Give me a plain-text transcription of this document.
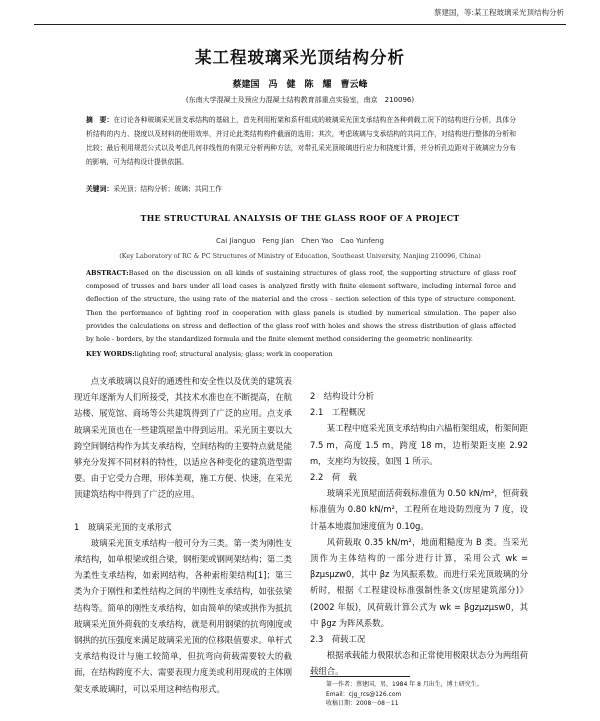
蔡建国，等:某工程玻璃采光顶结构分析
某工程玻璃采光顶结构分析
蔡建国　冯　健　陈　耀　曹云峰
(东南大学混凝土及预应力混凝土结构教育部重点实验室，南京　210096)
摘　要：在讨论各种玻璃采光顶支承结构的基础上，首先利用桁架和系杆组成的玻璃采光顶支承结构在各种荷载工况下的结构进行分析，具体分析结构的内力、挠度以及材料的使用效率，并讨论此类结构构件截面的选用；其次，考虑玻璃与支承结构的共同工作，对结构进行整体的分析和比较；最后利用规范公式以及考虑几何非线性的有限元分析两种方法，对带孔采光顶玻璃进行应力和挠度计算，并分析孔边距对于玻璃应力分布的影响，可为结构设计提供依据。
关键词：采光顶；结构分析；玻璃；共同工作
THE STRUCTURAL ANALYSIS OF THE GLASS ROOF OF A PROJECT
Cai Jianguo　Feng Jian　Chen Yao　Cao Yunfeng
(Key Laboratory of RC & PC Structures of Ministry of Education, Southeast University, Nanjing 210096, China)
ABSTRACT:Based on the discussion on all kinds of sustaining structures of glass roof, the supporting structure of glass roof composed of trusses and bars under all load cases is analyzed firstly with finite element software, including internal force and deflection of the structure, the using rate of the material and the cross - section selection of this type of structure component. Then the performance of lighting roof in cooperation with glass panels is studied by numerical simulation. The paper also provides the calculations on stress and deflection of the glass roof with holes and shows the stress distribution of glass affected by hole - borders, by the standardized formula and the finite element method considering the geometric nonlinearity.
KEY WORDS:lighting roof; structural analysis; glass; work in cooperation

点支承玻璃以良好的通透性和安全性以及优美的建筑表现近年逐渐为人们所接受，其技术水准也在不断提高，在航站楼、展览馆、商场等公共建筑得到了广泛的应用。点支承玻璃采光顶也在一些建筑屋盖中得到运用。采光顶主要以大跨空间钢结构作为其支承结构，空间结构的主要特点就是能够充分发挥不同材料的特性，以适应各种变化的建筑造型需要。由于它受力合理，形体美观，施工方便、快速，在采光顶建筑结构中得到了广泛的应用。

1　玻璃采光顶的支承形式

玻璃采光顶支承结构一般可分为三类。第一类为刚性支承结构，如单根梁或组合梁，钢桁架或钢网架结构；第二类为柔性支承结构，如索网结构，各种索桁架结构[1]；第三类为介于刚性和柔性结构之间的半刚性支承结构，如张弦梁结构等。简单的刚性支承结构，如由简单的梁或拱作为抵抗玻璃采光顶外荷载的支承结构，就是利用钢梁的抗弯刚度或钢拱的抗压强度来满足玻璃采光顶的位移限值要求。单杆式支承结构设计与施工较简单，但抗弯向荷载需要较大的截面，在结构跨度不大、需要表现力度美或利用现成的主体刚架支承玻璃时，可以采用这种结构形式。

2　结构设计分析
2.1　工程概况

某工程中庭采光顶支承结构由六榀桁架组成，桁架间距 7.5 m，高度 1.5 m，跨度 18 m，边桁架距支座 2.92 m，支座均为铰接，如图 1 所示。

2.2　荷　载

玻璃采光顶屋面活荷载标准值为 0.50 kN/m²，恒荷载标准值为 0.80 kN/m²，工程所在地设防烈度为 7 度，设计基本地震加速度值为 0.10g。

风荷载取 0.35 kN/m²，地面粗糙度为 B 类。当采光顶作为主体结构的一部分进行计算，采用公式 wk = βzμsμzw0，其中 βz 为风振系数。而进行采光顶玻璃的分析时，根据《工程建设标准强制性条文(房屋建筑部分)》(2002 年版)，风荷载计算公式为 wk = βgzμzμsw0，其中 βgz 为阵风系数。

2.3　荷载工况

根据承载能力极限状态和正常使用极限状态分为两组荷载组合。

第一作者：蔡建国，男，1984 年 8 月出生，博士研究生。
Email：cjg_rcs@126.com
收稿日期：2008－08－11
